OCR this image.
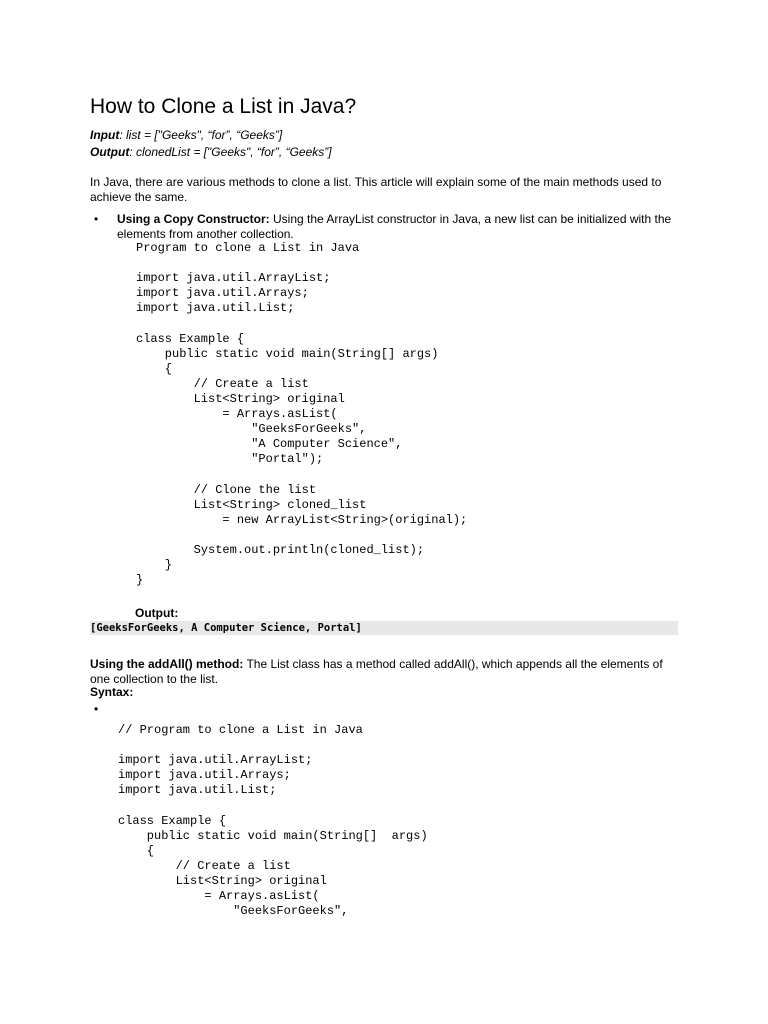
How to Clone a List in Java?
Input: list = ["Geeks", “for”, “Geeks”]
Output: clonedList = ["Geeks", “for”, “Geeks”]

In Java, there are various methods to clone a list. This article will explain some of the main methods used to achieve the same.

• Using a Copy Constructor: Using the ArrayList constructor in Java, a new list can be initialized with the elements from another collection.

Program to clone a List in Java

import java.util.ArrayList;
import java.util.Arrays;
import java.util.List;

class Example {
public static void main(String[] args)
{
// Create a list
List<String> original
= Arrays.asList(
"GeeksForGeeks",
"A Computer Science",
"Portal");

// Clone the list
List<String> cloned_list
= new ArrayList<String>(original);

System.out.println(cloned_list);
}
}
Output:
[GeeksForGeeks, A Computer Science, Portal]

Using the addAll() method: The List class has a method called addAll(), which appends all the elements of one collection to the list.

Syntax:
•
// Program to clone a List in Java

import java.util.ArrayList;
import java.util.Arrays;
import java.util.List;

class Example {
public static void main(String[]  args)
{
// Create a list
List<String> original
= Arrays.asList(
"GeeksForGeeks",
